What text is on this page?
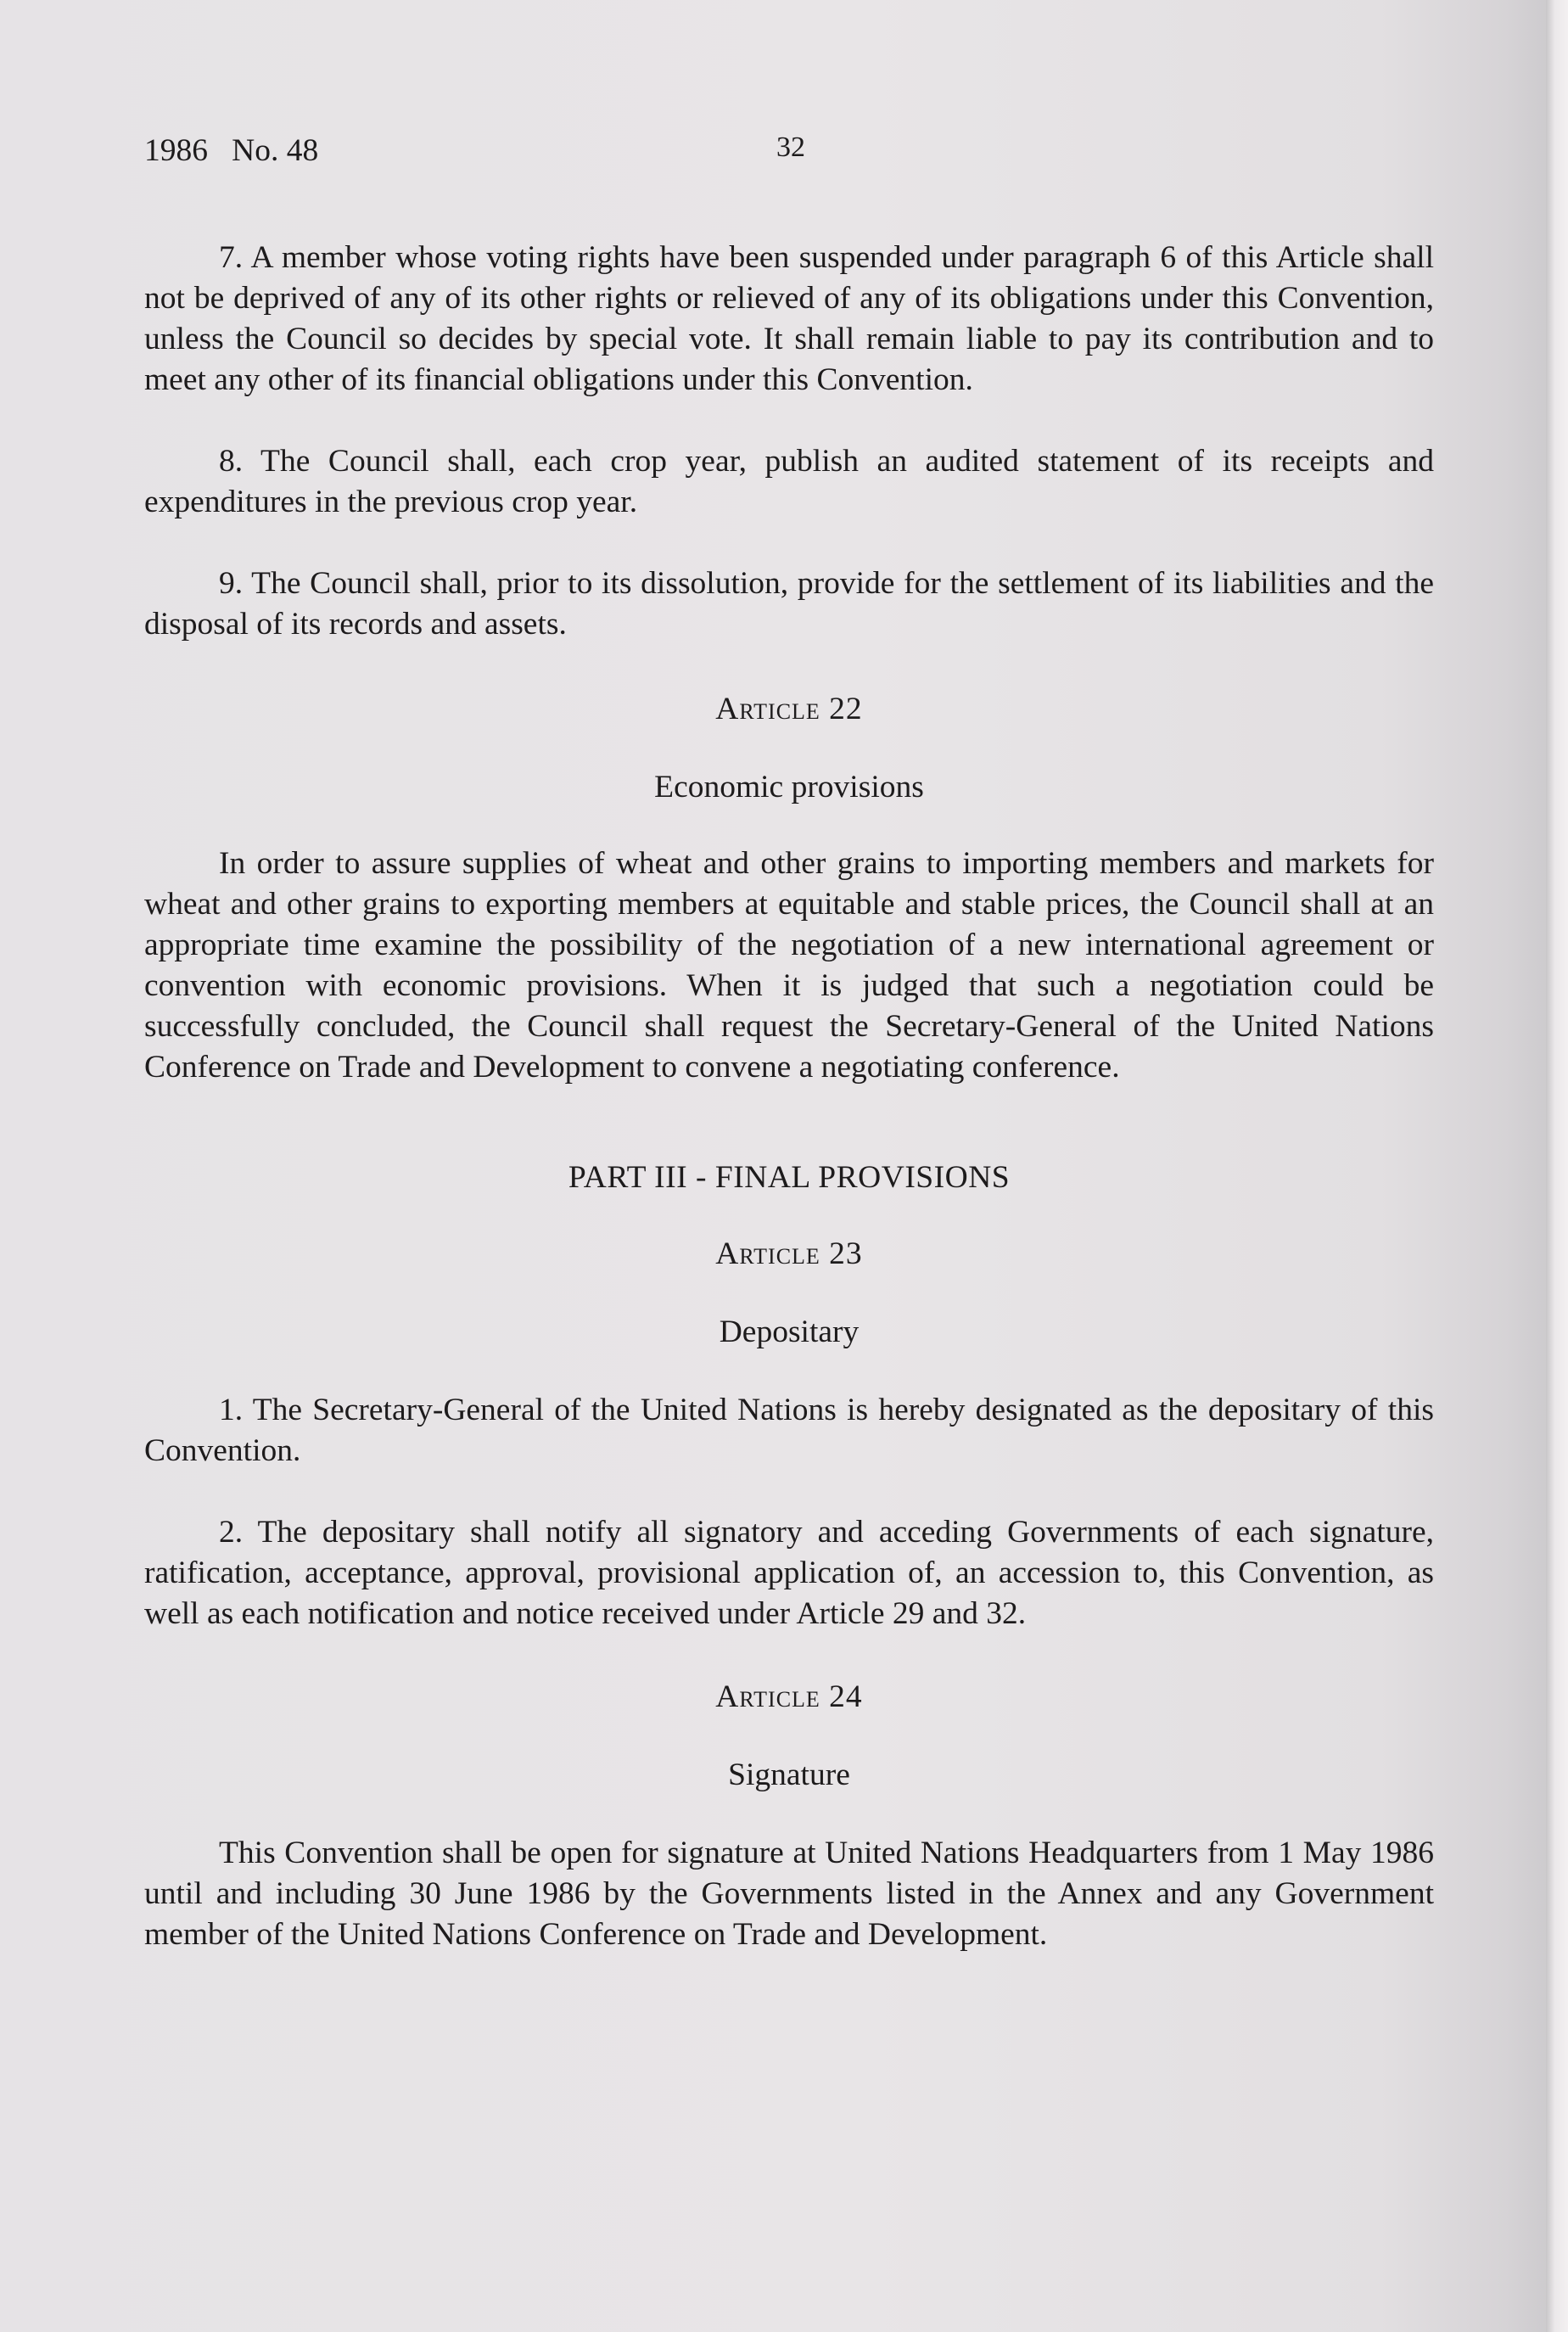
1986   No. 48	32

7. A member whose voting rights have been suspended under paragraph 6 of this Article shall not be deprived of any of its other rights or relieved of any of its obligations under this Convention, unless the Council so decides by special vote. It shall remain liable to pay its contribution and to meet any other of its financial obligations under this Convention.

8. The Council shall, each crop year, publish an audited statement of its receipts and expenditures in the previous crop year.

9. The Council shall, prior to its dissolution, provide for the settlement of its liabilities and the disposal of its records and assets.

Article 22

Economic provisions

In order to assure supplies of wheat and other grains to importing members and markets for wheat and other grains to exporting members at equitable and stable prices, the Council shall at an appropriate time examine the possibility of the negotiation of a new international agreement or convention with economic provisions. When it is judged that such a negotiation could be successfully concluded, the Council shall request the Secretary-General of the United Nations Conference on Trade and Development to convene a negotiating conference.

PART III - FINAL PROVISIONS

Article 23

Depositary

1. The Secretary-General of the United Nations is hereby designated as the depositary of this Convention.

2. The depositary shall notify all signatory and acceding Governments of each signature, ratification, acceptance, approval, provisional application of, an accession to, this Convention, as well as each notification and notice received under Article 29 and 32.

Article 24

Signature

This Convention shall be open for signature at United Nations Headquarters from 1 May 1986 until and including 30 June 1986 by the Governments listed in the Annex and any Government member of the United Nations Conference on Trade and Development.
